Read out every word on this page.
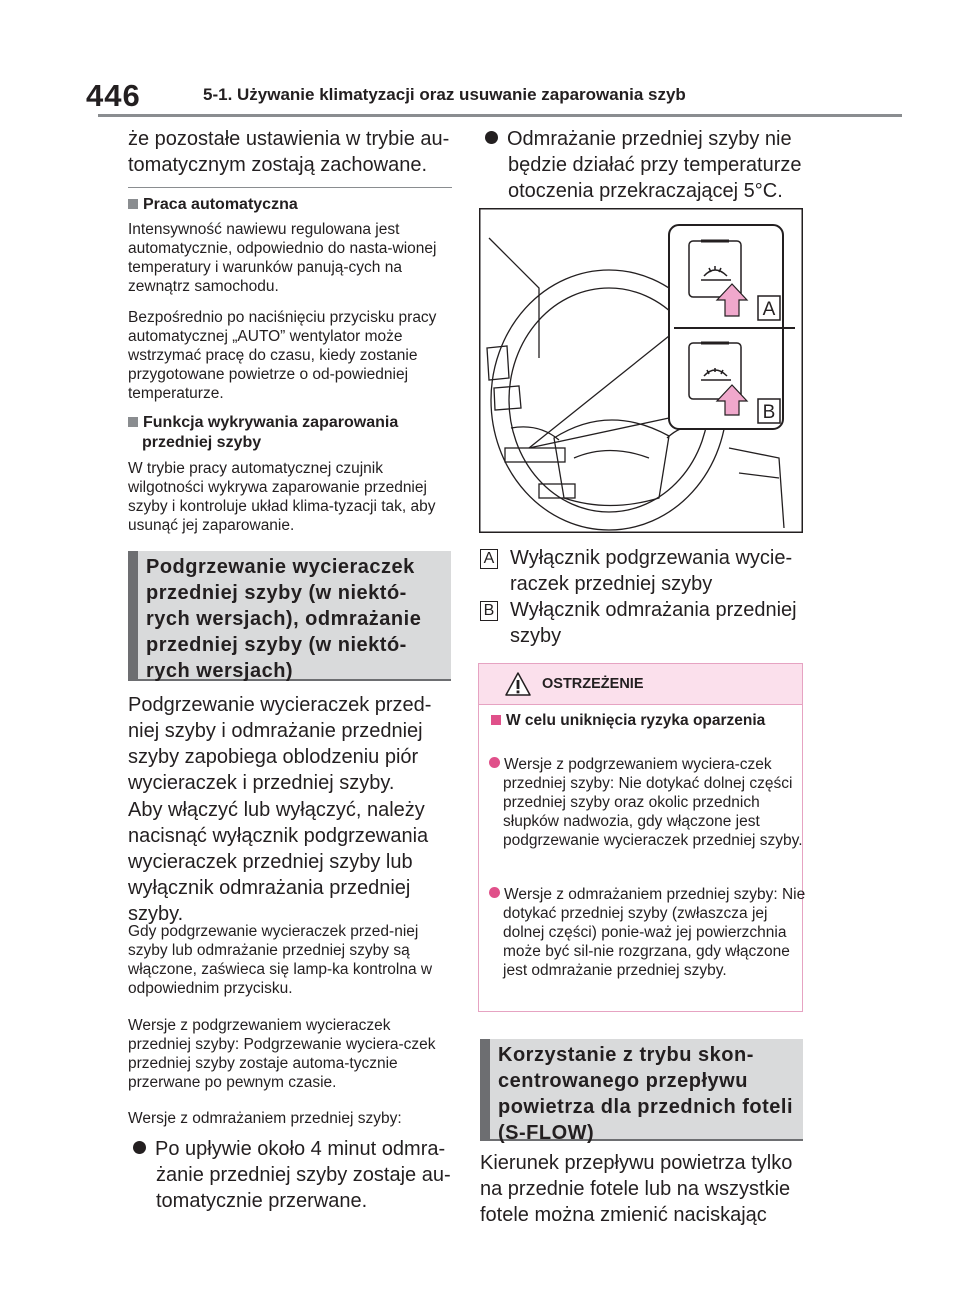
446	5-1. Używanie klimatyzacji oraz usuwanie zaparowania szyb

że pozostałe ustawienia w trybie au-tomatycznym zostają zachowane.

Praca automatyczna

Intensywność nawiewu regulowana jest automatycznie, odpowiednio do nasta-wionej temperatury i warunków panują-cych na zewnątrz samochodu.

Bezpośrednio po naciśnięciu przycisku pracy automatycznej „AUTO” wentylator może wstrzymać pracę do czasu, kiedy zostanie przygotowane powietrze o od-powiedniej temperaturze.

Funkcja wykrywania zaparowania przedniej szyby

W trybie pracy automatycznej czujnik wilgotności wykrywa zaparowanie przedniej szyby i kontroluje układ klima-tyzacji tak, aby usunąć jej zaparowanie.

Podgrzewanie wycieraczek przedniej szyby (w niektó-rych wersjach), odmrażanie przedniej szyby (w niektó-rych wersjach)

Podgrzewanie wycieraczek przed-niej szyby i odmrażanie przedniej szyby zapobiega oblodzeniu piór wycieraczek i przedniej szyby.

Aby włączyć lub wyłączyć, należy nacisnąć wyłącznik podgrzewania wycieraczek przedniej szyby lub wyłącznik odmrażania przedniej szyby.

Gdy podgrzewanie wycieraczek przed-niej szyby lub odmrażanie przedniej szyby są włączone, zaświeca się lamp-ka kontrolna w odpowiednim przycisku.

Wersje z podgrzewaniem wycieraczek przedniej szyby: Podgrzewanie wyciera-czek przedniej szyby zostaje automa-tycznie przerwane po pewnym czasie.

Wersje z odmrażaniem przedniej szyby:

Po upływie około 4 minut odmra-żanie przedniej szyby zostaje au-tomatycznie przerwane.
Odmrażanie przedniej szyby nie będzie działać przy temperaturze otoczenia przekraczającej 5°C.
A
B
A Wyłącznik podgrzewania wycie-raczek przedniej szyby

B Wyłącznik odmrażania przedniej szyby

OSTRZEŻENIE
W celu uniknięcia ryzyka oparzenia
Wersje z podgrzewaniem wyciera-czek przedniej szyby: Nie dotykać dolnej części przedniej szyby oraz okolic przednich słupków nadwozia, gdy włączone jest podgrzewanie wycieraczek przedniej szyby.
Wersje z odmrażaniem przedniej szyby: Nie dotykać przedniej szyby (zwłaszcza jej dolnej części) ponie-waż jej powierzchnia może być sil-nie rozgrzana, gdy włączone jest odmrażanie przedniej szyby.
Korzystanie z trybu skon-centrowanego przepływu powietrza dla przednich foteli (S-FLOW)

Kierunek przepływu powietrza tylko na przednie fotele lub na wszystkie fotele można zmienić naciskając
